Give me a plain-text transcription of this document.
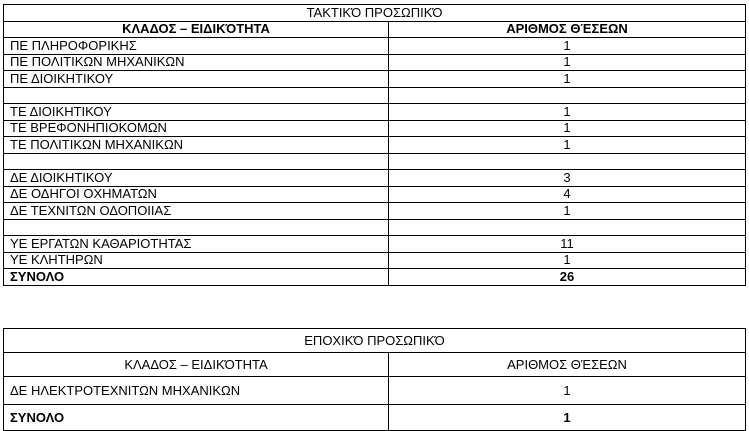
ΤΑΚΤΙΚΌ ΠΡΟΣΩΠΙΚΌ	
ΚΛΑΔΟΣ – ΕΙΔΙΚΌΤΗΤΑ	ΑΡΙΘΜΟΣ ΘΈΣΕΩΝ
ΠΕ ΠΛΗΡΟΦΟΡΙΚΗΣ	1
ΠΕ ΠΟΛΙΤΙΚΩΝ ΜΗΧΑΝΙΚΩΝ	1
ΠΕ ΔΙΟΙΚΗΤΙΚΟΥ	1

ΤΕ ΔΙΟΙΚΗΤΙΚΟΥ	1
ΤΕ ΒΡΕΦΟΝΗΠΙΟΚΟΜΩΝ	1
ΤΕ ΠΟΛΙΤΙΚΩΝ ΜΗΧΑΝΙΚΩΝ	1

ΔΕ ΔΙΟΙΚΗΤΙΚΟΥ	3
ΔΕ ΟΔΗΓΟΙ ΟΧΗΜΑΤΩΝ	4
ΔΕ ΤΕΧΝΙΤΩΝ ΟΔΟΠΟΙΙΑΣ	1

ΥΕ ΕΡΓΑΤΩΝ ΚΑΘΑΡΙΟΤΗΤΑΣ	11
ΥΕ ΚΛΗΤΗΡΩΝ	1
ΣΥΝΟΛΟ	26
ΕΠΟΧΙΚΌ ΠΡΟΣΩΠΙΚΌ	
ΚΛΑΔΟΣ – ΕΙΔΙΚΌΤΗΤΑ	ΑΡΙΘΜΟΣ ΘΈΣΕΩΝ
ΔΕ ΗΛΕΚΤΡΟΤΕΧΝΙΤΩΝ ΜΗΧΑΝΙΚΩΝ	1
ΣΥΝΟΛΟ	1
